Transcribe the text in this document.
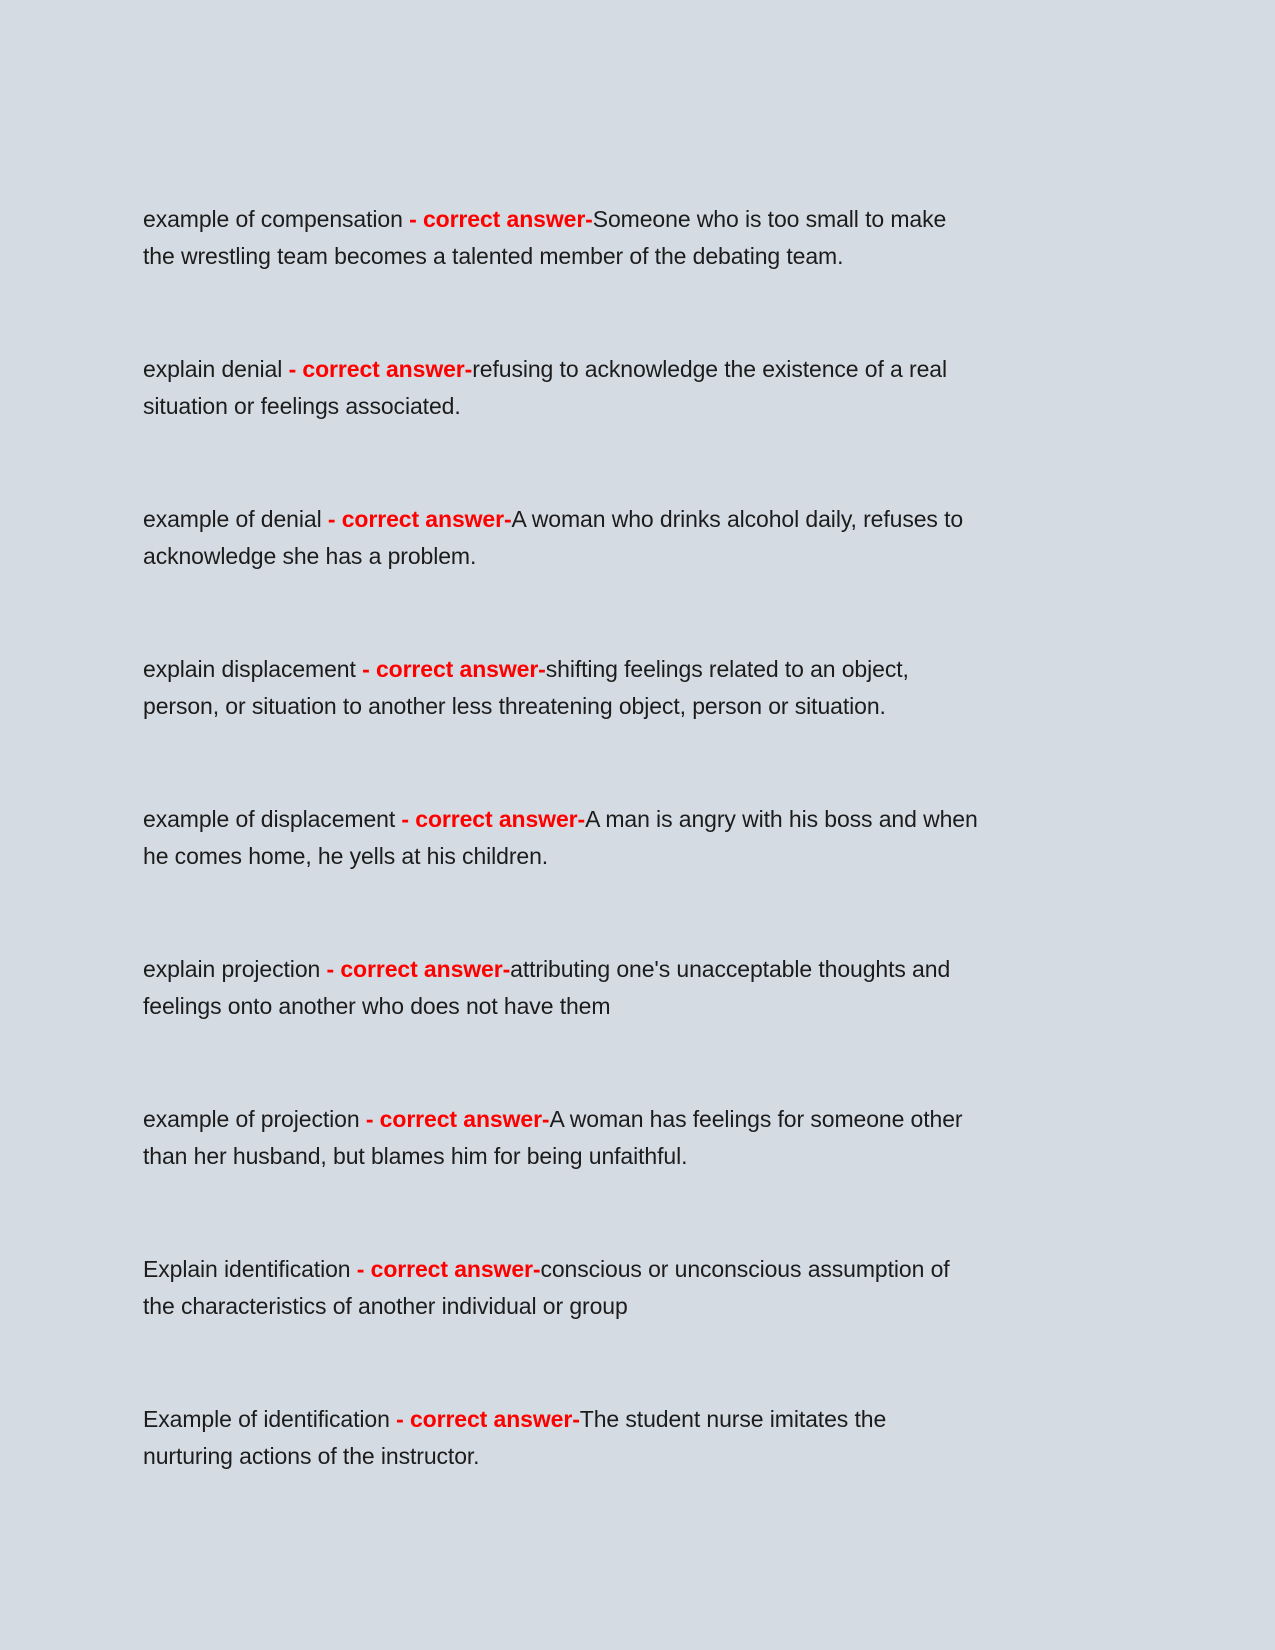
example of compensation - correct answer-Someone who is too small to make
the wrestling team becomes a talented member of the debating team.
explain denial - correct answer-refusing to acknowledge the existence of a real
situation or feelings associated.
example of denial - correct answer-A woman who drinks alcohol daily, refuses to
acknowledge she has a problem.
explain displacement - correct answer-shifting feelings related to an object,
person, or situation to another less threatening object, person or situation.
example of displacement - correct answer-A man is angry with his boss and when
he comes home, he yells at his children.
explain projection - correct answer-attributing one's unacceptable thoughts and
feelings onto another who does not have them
example of projection - correct answer-A woman has feelings for someone other
than her husband, but blames him for being unfaithful.
Explain identification - correct answer-conscious or unconscious assumption of
the characteristics of another individual or group
Example of identification - correct answer-The student nurse imitates the
nurturing actions of the instructor.
